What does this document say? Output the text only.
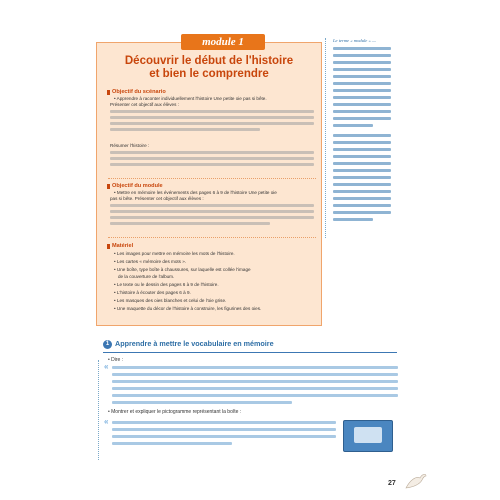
module 1
Découvrir le début de l'histoire
et bien le comprendre
Objectif du scénario
• Apprendre à raconter individuellement l'histoire Une petite oie pas si bête.
Présenter cet objectif aux élèves :
Résumer l'histoire :
Objectif du module
• Mettre en mémoire les événements des pages 6 à 9 de l'histoire Une petite oie
pas si bête. Présenter cet objectif aux élèves :
Matériel
• Les images pour mettre en mémoire les mots de l'histoire.
• Les cartes « mémoire des mots ».
• Une boîte, type boîte à chaussures, sur laquelle est collée l'image
de la couverture de l'album.
• Le texte ou le dessin des pages 6 à 9 de l'histoire.
• L'histoire à écouter des pages 6 à 9.
• Les masques des oies blanches et celui de l'oie grise.
• Une maquette du décor de l'histoire à construire, les figurines des oies.
Le terme « module » —
1 Apprendre à mettre le vocabulaire en mémoire
• Dire :
«
• Montrer et expliquer le pictogramme représentant la boîte :
«
27
